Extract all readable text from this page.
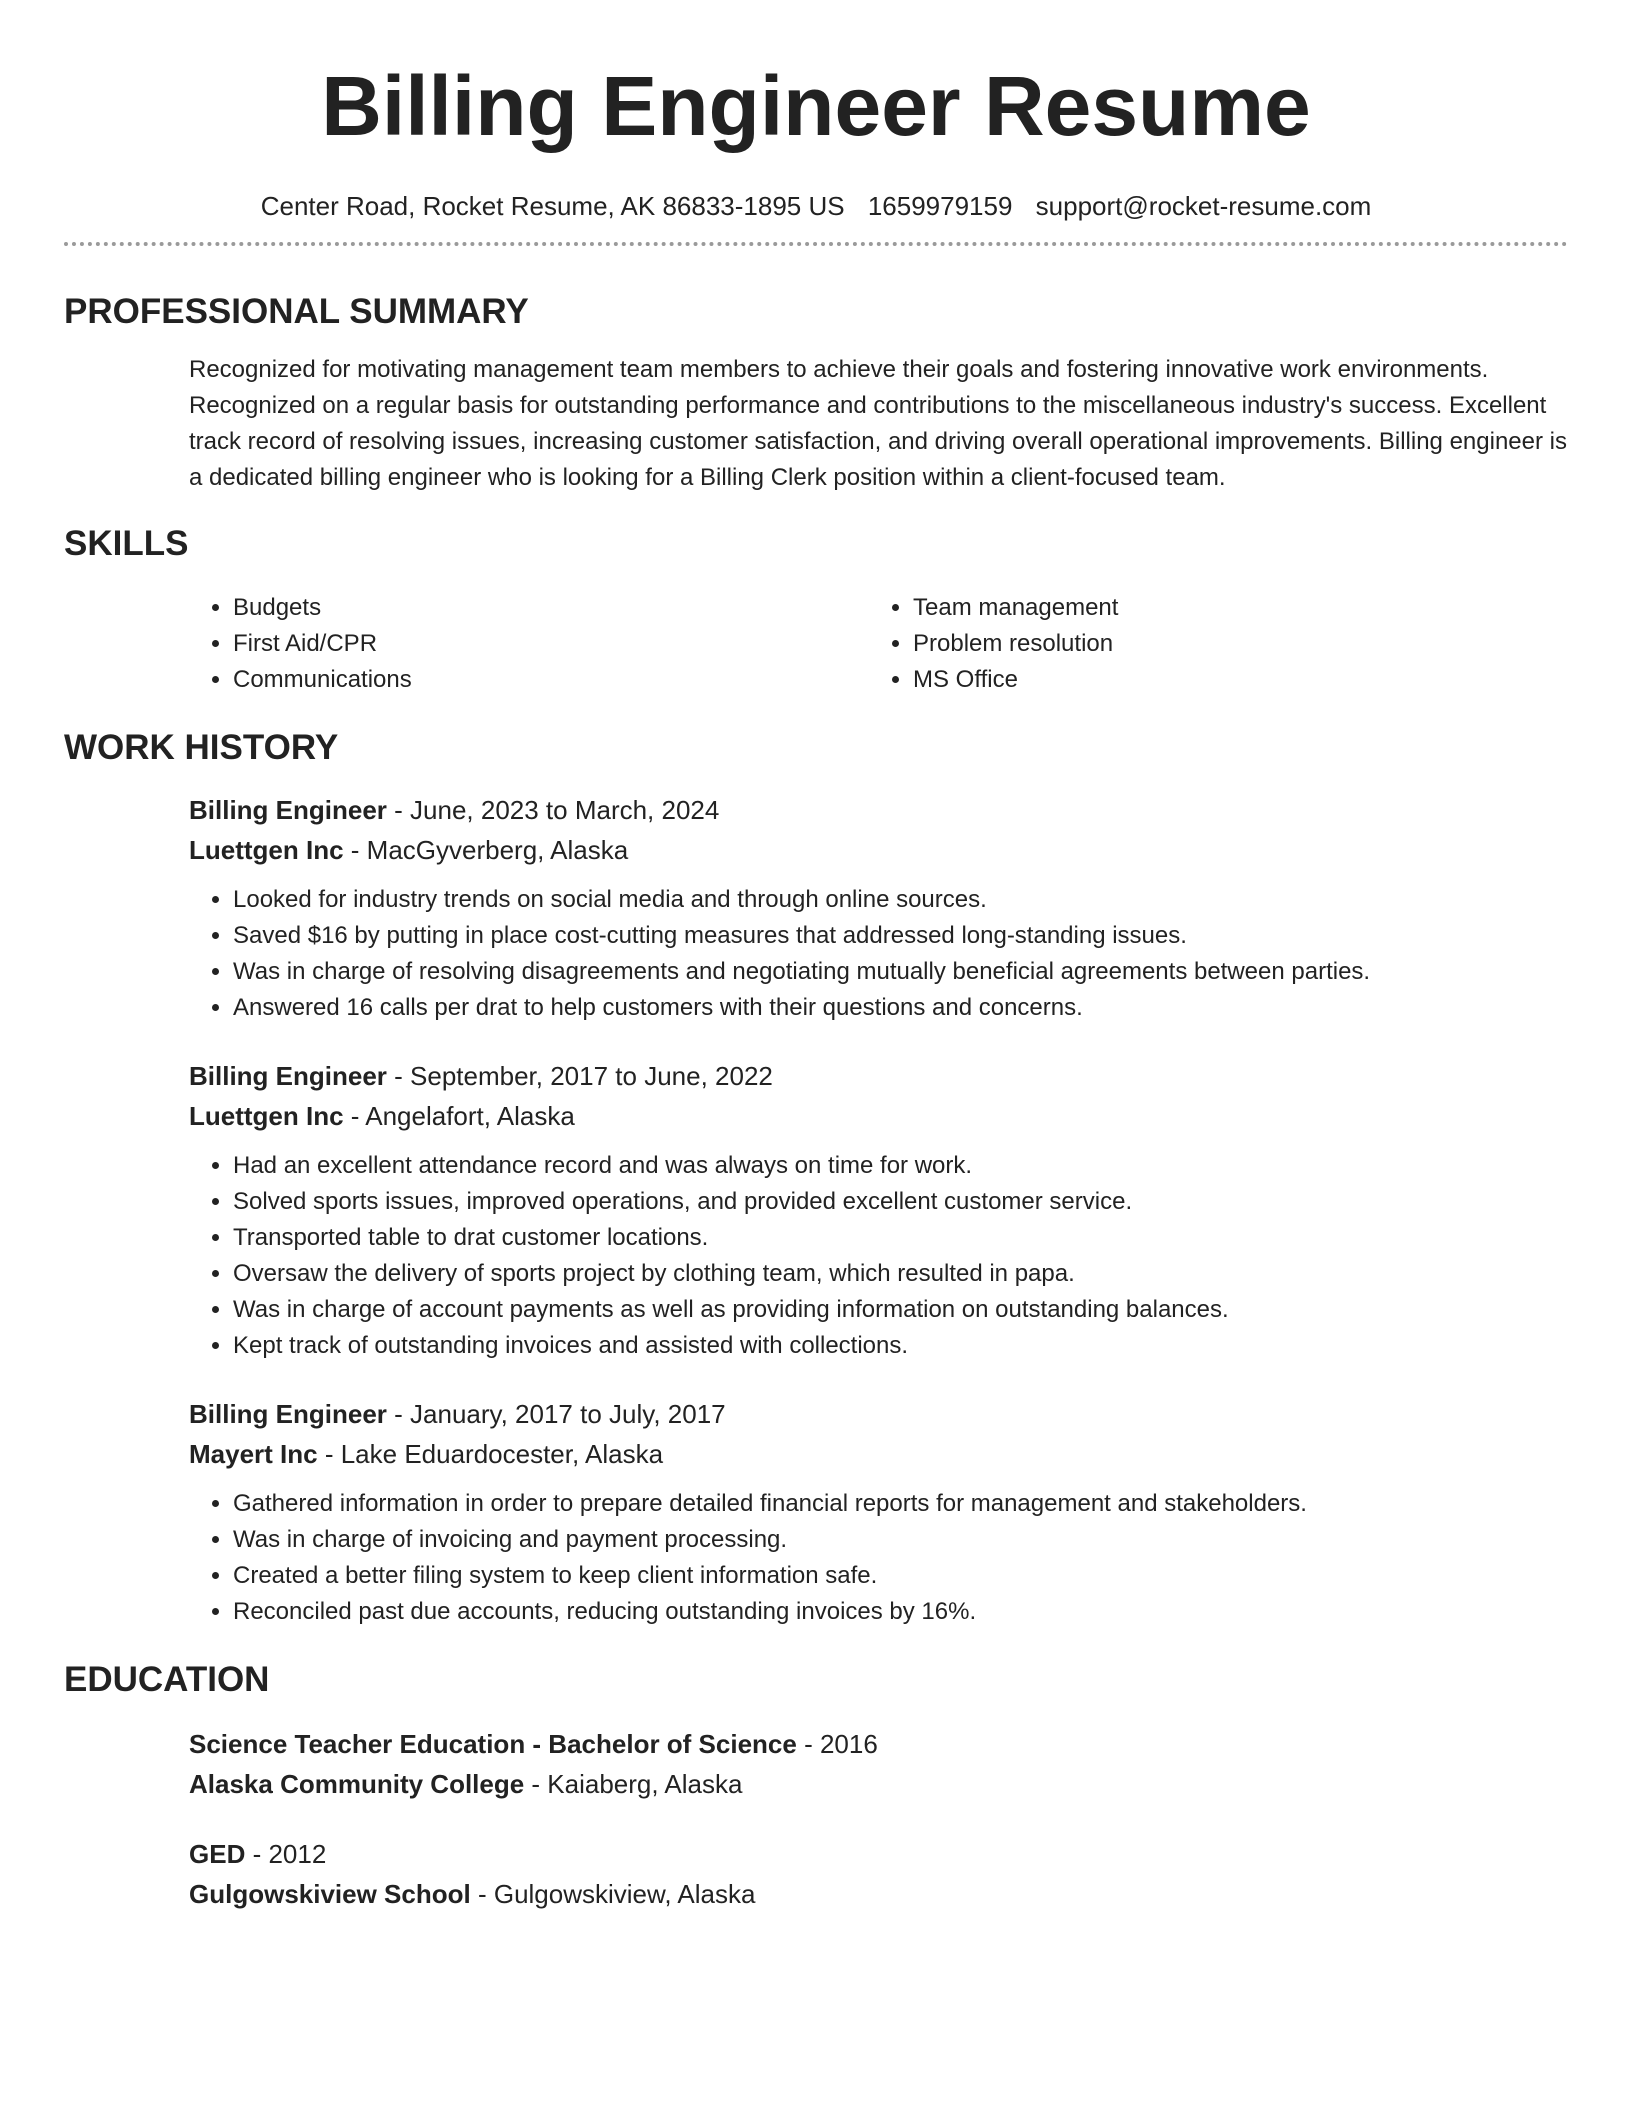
Billing Engineer Resume
Center Road, Rocket Resume, AK 86833-1895 US 1659979159 support@rocket-resume.com
PROFESSIONAL SUMMARY

Recognized for motivating management team members to achieve their goals and fostering innovative work environments. Recognized on a regular basis for outstanding performance and contributions to the miscellaneous industry's success. Excellent track record of resolving issues, increasing customer satisfaction, and driving overall operational improvements. Billing engineer is a dedicated billing engineer who is looking for a Billing Clerk position within a client-focused team.

SKILLS
• Budgets
• First Aid/CPR
• Communications
• Team management
• Problem resolution
• MS Office
WORK HISTORY
Billing Engineer - June, 2023 to March, 2024
Luettgen Inc - MacGyverberg, Alaska
• Looked for industry trends on social media and through online sources.
• Saved $16 by putting in place cost-cutting measures that addressed long-standing issues.
• Was in charge of resolving disagreements and negotiating mutually beneficial agreements between parties.
• Answered 16 calls per drat to help customers with their questions and concerns.
Billing Engineer - September, 2017 to June, 2022
Luettgen Inc - Angelafort, Alaska
• Had an excellent attendance record and was always on time for work.
• Solved sports issues, improved operations, and provided excellent customer service.
• Transported table to drat customer locations.
• Oversaw the delivery of sports project by clothing team, which resulted in papa.
• Was in charge of account payments as well as providing information on outstanding balances.
• Kept track of outstanding invoices and assisted with collections.
Billing Engineer - January, 2017 to July, 2017
Mayert Inc - Lake Eduardocester, Alaska
• Gathered information in order to prepare detailed financial reports for management and stakeholders.
• Was in charge of invoicing and payment processing.
• Created a better filing system to keep client information safe.
• Reconciled past due accounts, reducing outstanding invoices by 16%.
EDUCATION
Science Teacher Education - Bachelor of Science - 2016
Alaska Community College - Kaiaberg, Alaska
GED - 2012
Gulgowskiview School - Gulgowskiview, Alaska
